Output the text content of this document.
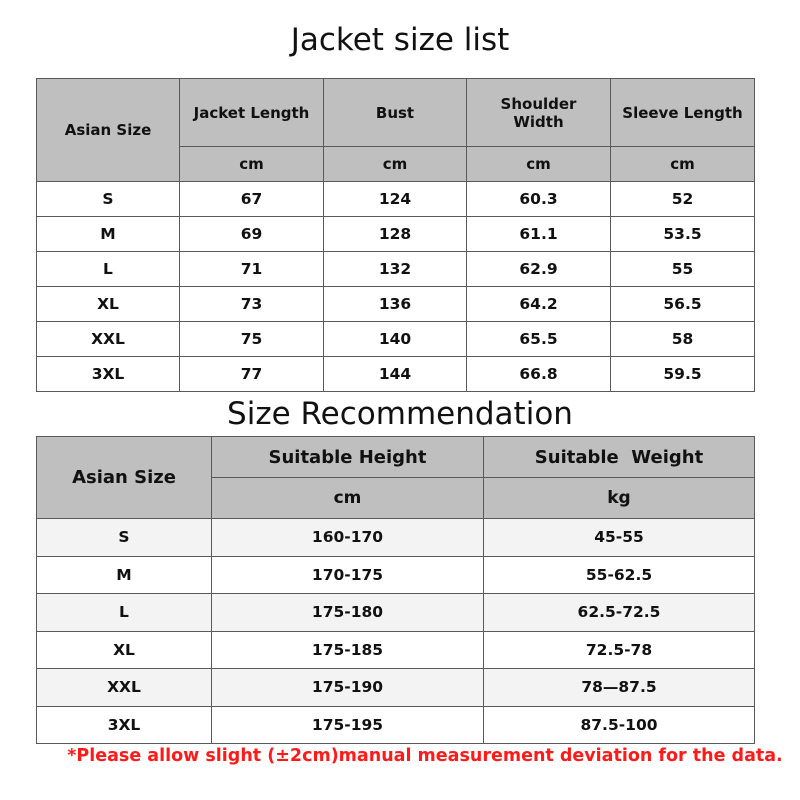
Jacket size list
Asian Size	Jacket Length	Bust	Shoulder Width	Sleeve Length
	cm	cm	cm	cm
S	67	124	60.3	52
M	69	128	61.1	53.5
L	71	132	62.9	55
XL	73	136	64.2	56.5
XXL	75	140	65.5	58
3XL	77	144	66.8	59.5
Size Recommendation
Asian Size	Suitable Height	Suitable  Weight
	cm	kg
S	160-170	45-55
M	170-175	55-62.5
L	175-180	62.5-72.5
XL	175-185	72.5-78
XXL	175-190	78—87.5
3XL	175-195	87.5-100
*Please allow slight (±2cm)manual measurement deviation for the data.
